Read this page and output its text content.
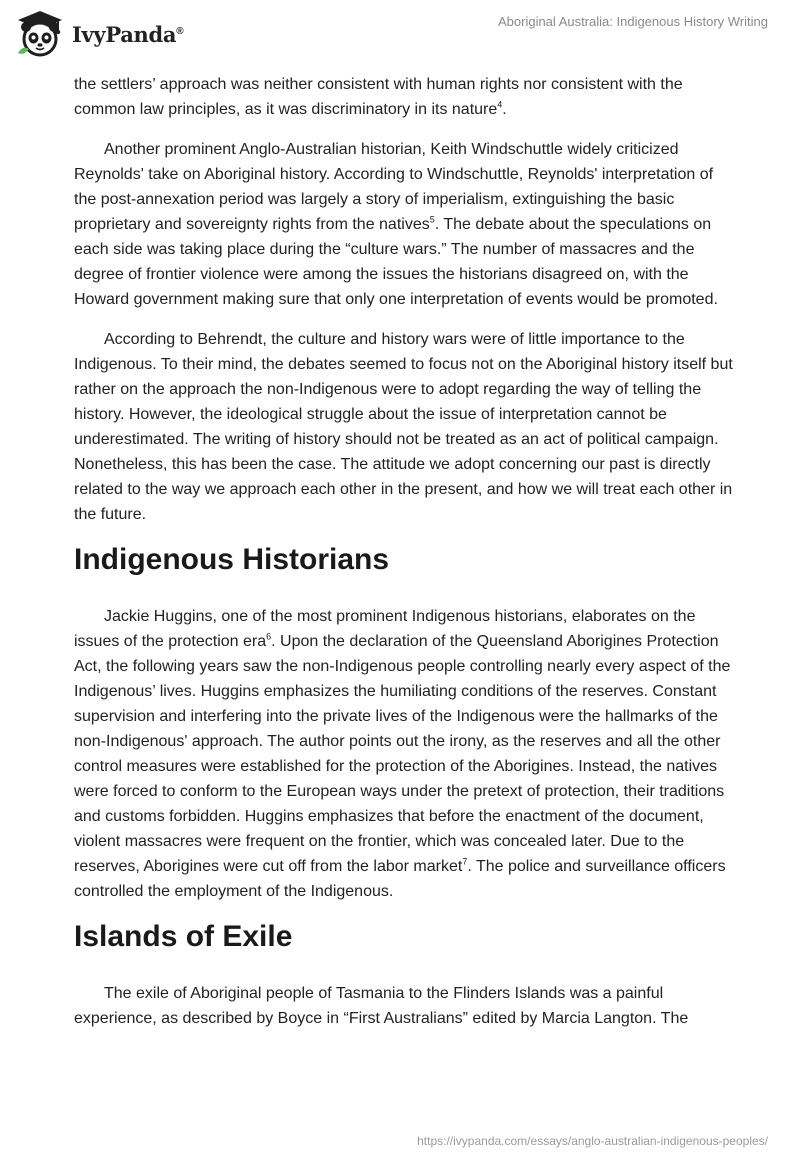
IvyPanda®
Aboriginal Australia: Indigenous History Writing

the settlers’ approach was neither consistent with human rights nor consistent with the common law principles, as it was discriminatory in its nature$^4$.

Another prominent Anglo-Australian historian, Keith Windschuttle widely criticized Reynolds' take on Aboriginal history. According to Windschuttle, Reynolds' interpretation of the post-annexation period was largely a story of imperialism, extinguishing the basic proprietary and sovereignty rights from the natives$^5$. The debate about the speculations on each side was taking place during the “culture wars.” The number of massacres and the degree of frontier violence were among the issues the historians disagreed on, with the Howard government making sure that only one interpretation of events would be promoted.

According to Behrendt, the culture and history wars were of little importance to the Indigenous. To their mind, the debates seemed to focus not on the Aboriginal history itself but rather on the approach the non-Indigenous were to adopt regarding the way of telling the history. However, the ideological struggle about the issue of interpretation cannot be underestimated. The writing of history should not be treated as an act of political campaign. Nonetheless, this has been the case. The attitude we adopt concerning our past is directly related to the way we approach each other in the present, and how we will treat each other in the future.

Indigenous Historians

Jackie Huggins, one of the most prominent Indigenous historians, elaborates on the issues of the protection era$^6$. Upon the declaration of the Queensland Aborigines Protection Act, the following years saw the non-Indigenous people controlling nearly every aspect of the Indigenous’ lives. Huggins emphasizes the humiliating conditions of the reserves. Constant supervision and interfering into the private lives of the Indigenous were the hallmarks of the non-Indigenous' approach. The author points out the irony, as the reserves and all the other control measures were established for the protection of the Aborigines. Instead, the natives were forced to conform to the European ways under the pretext of protection, their traditions and customs forbidden. Huggins emphasizes that before the enactment of the document, violent massacres were frequent on the frontier, which was concealed later. Due to the reserves, Aborigines were cut off from the labor market$^7$. The police and surveillance officers controlled the employment of the Indigenous.

Islands of Exile

The exile of Aboriginal people of Tasmania to the Flinders Islands was a painful experience, as described by Boyce in “First Australians” edited by Marcia Langton. The

https://ivypanda.com/essays/anglo-australian-indigenous-peoples/
